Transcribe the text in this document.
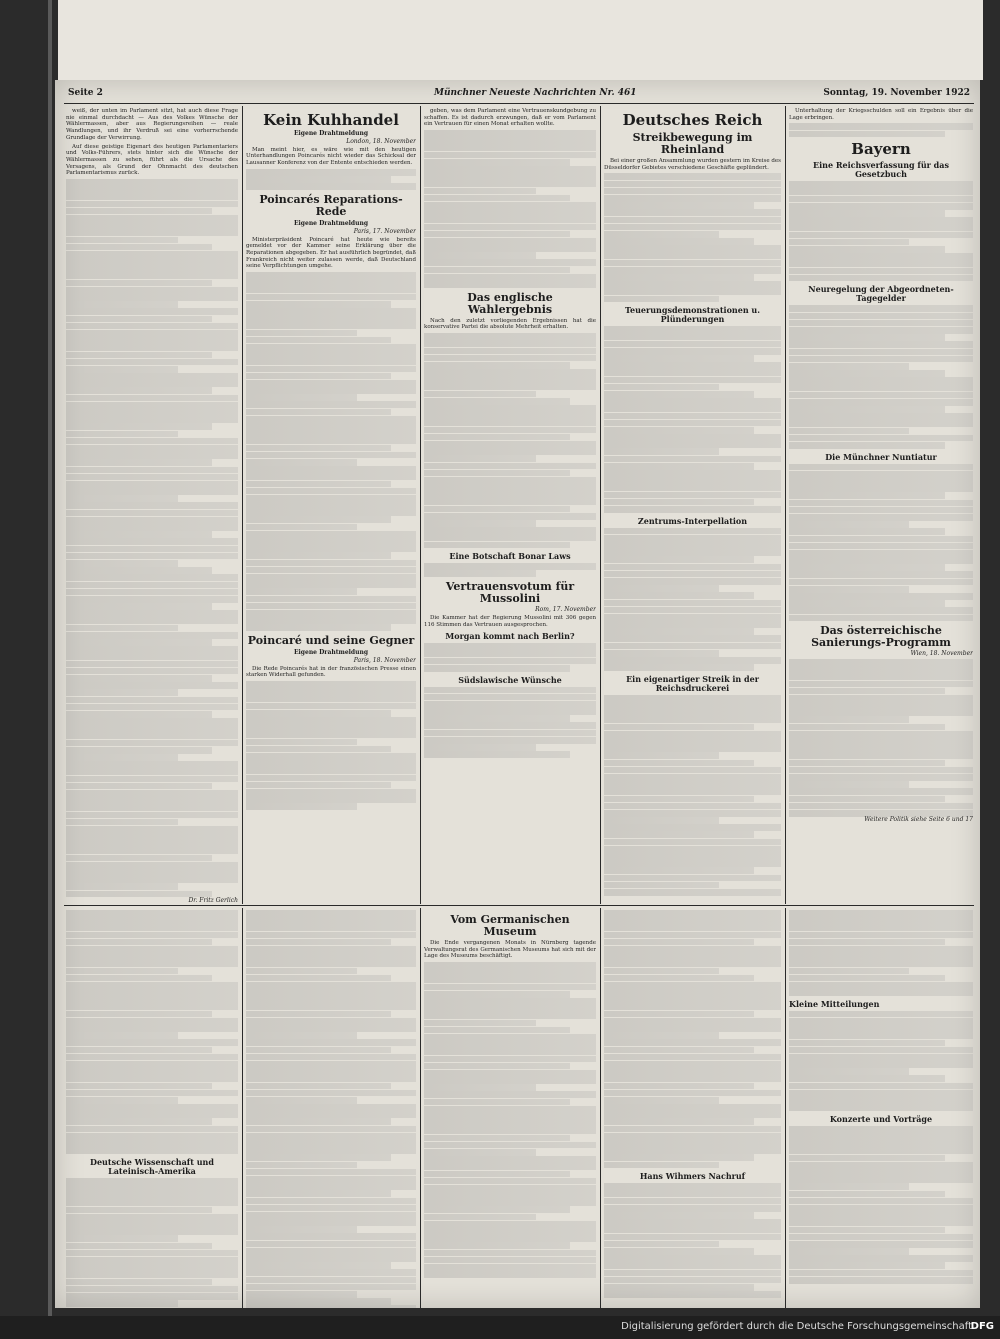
Seite 2	Münchner Neueste Nachrichten Nr. 461	Sonntag, 19. November 1922

weiß, der unten im Parlament sitzt, hat auch diese Frage nie einmal durchdacht — Aus des Volkes Wünsche der Wählermassen, aber aus Regierungsreihen — reale Wandlungen, und ihr Verdruß sei eine vorherrschende Grundlage der Verwirrung.

Auf diese geistige Eigenart des heutigen Parlamentariers und Volks-Führers, stets hinter sich die Wünsche der Wählermassen zu sehen, führt als die Ursache des Versagens, als Grund der Ohnmacht des deutschen Parlamentarismus zurück.

Dr. Fritz Gerlich

Kein Kuhhandel
Eigene Drahtmeldung
London, 18. November

Man meint hier, es wäre wie mit den heutigen Unterhandlungen Poincarés nicht wieder das Schicksal der Lausanner Konferenz von der Entente entschieden werden.

Poincarés Reparations-Rede
Eigene Drahtmeldung
Paris, 17. November

Ministerpräsident Poincaré hat heute wie bereits gemeldet vor der Kammer seine Erklärung über die Reparationen abgegeben. Er hat ausführlich begründet, daß Frankreich nicht weiter zulassen werde, daß Deutschland seine Verpflichtungen umgehe.

Poincaré und seine Gegner
Eigene Drahtmeldung
Paris, 18. November

Die Rede Poincarés hat in der französischen Presse einen starken Widerhall gefunden.

geben, was dem Parlament eine Vertrauenskundgebung zu schaffen. Es ist dadurch erzwungen, daß er vom Parlament ein Vertrauen für einen Monat erhalten wollte.

Das englische Wahlergebnis

Nach den zuletzt vorliegenden Ergebnissen hat die konservative Partei die absolute Mehrheit erhalten.

Eine Botschaft Bonar Laws
Vertrauensvotum für Mussolini
Rom, 17. November

Die Kammer hat der Regierung Mussolini mit 306 gegen 116 Stimmen das Vertrauen ausgesprochen.

Morgan kommt nach Berlin?
Südslawische Wünsche
Deutsches Reich
Streikbewegung im Rheinland

Bei einer großen Ansammlung wurden gestern im Kreise des Düsseldorfer Gebietes verschiedene Geschäfte geplündert.

Teuerungsdemonstrationen u. Plünderungen
Zentrums-Interpellation
Ein eigenartiger Streik in der Reichsdruckerei

Unterhaltung der Kriegsschulden soll ein Ergebnis über die Lage erbringen.

Bayern
Eine Reichsverfassung für das Gesetzbuch
Neuregelung der Abgeordneten-Tagegelder
Die Münchner Nuntiatur
Das österreichische Sanierungs-Programm
Wien, 18. November

Weitere Politik siehe Seite 6 und 17

Deutsche Wissenschaft und Lateinisch-Amerika
Vom Germanischen Museum

Die Ende vergangenen Monats in Nürnberg tagende Verwaltungsrat des Germanischen Museums hat sich mit der Lage des Museums beschäftigt.

Hans Wihmers Nachruf
Kleine Mitteilungen
Konzerte und Vorträge
Digitalisierung gefördert durch die Deutsche Forschungsgemeinschaft
DFG
